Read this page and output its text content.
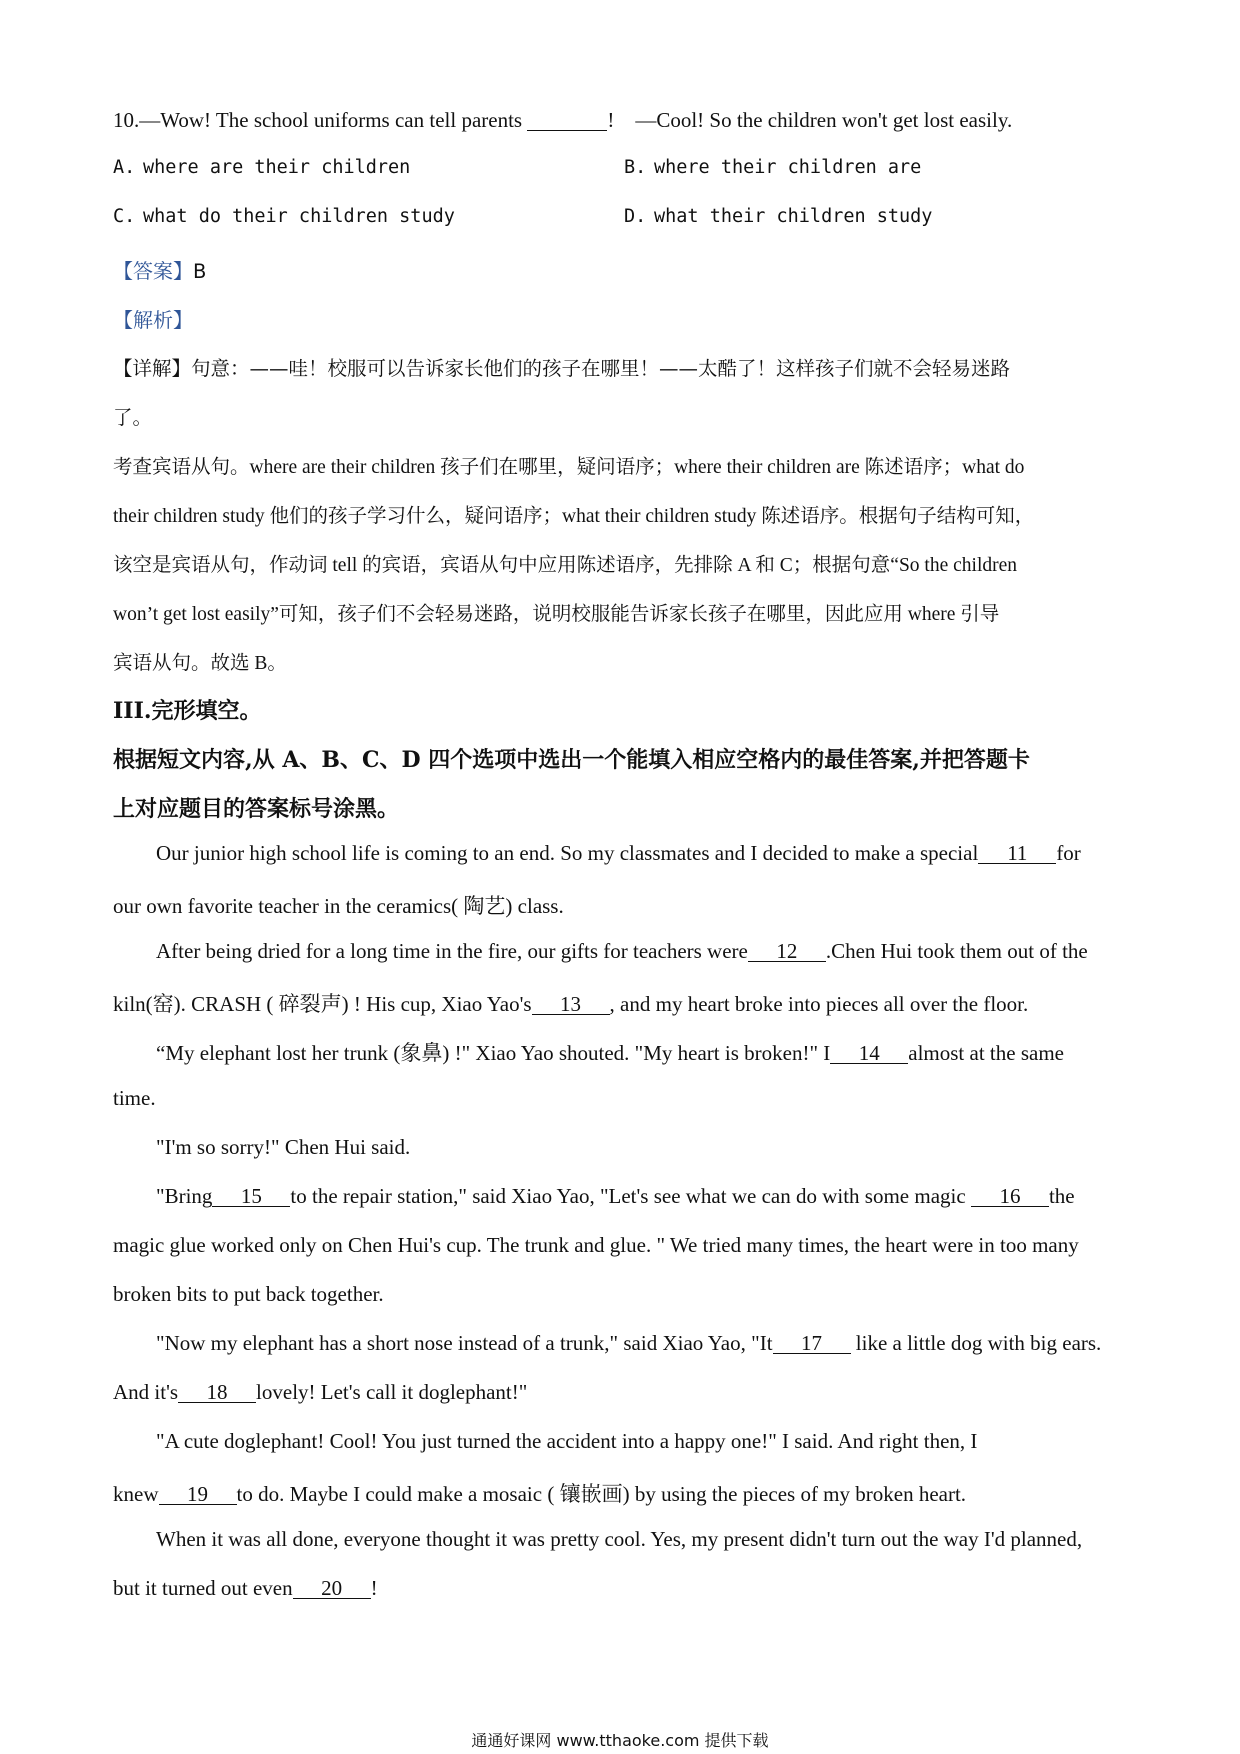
10.—Wow! The school uniforms can tell parents	! —Cool! So the children won't get lost easily.
A. where are their children	B. where their children are
C. what do their children study	D. what their children study
【答案】B
【解析】
【详解】句意：——哇！校服可以告诉家长他们的孩子在哪里！——太酷了！这样孩子们就不会轻易迷路
了。
考查宾语从句。where are their children 孩子们在哪里，疑问语序；where their children are 陈述语序；what do
their children study 他们的孩子学习什么，疑问语序；what their children study 陈述语序。根据句子结构可知，
该空是宾语从句，作动词 tell 的宾语，宾语从句中应用陈述语序，先排除 A 和 C；根据句意“So the children
won’t get lost easily”可知，孩子们不会轻易迷路，说明校服能告诉家长孩子在哪里，因此应用 where 引导
宾语从句。故选 B。
III.完形填空。
根据短文内容,从 A、B、C、D 四个选项中选出一个能填入相应空格内的最佳答案,并把答题卡
上对应题目的答案标号涂黑。
Our junior high school life is coming to an end. So my classmates and I decided to make a special 11 for
our own favorite teacher in the ceramics( 陶艺) class.
After being dried for a long time in the fire, our gifts for teachers were 12 .Chen Hui took them out of the
kiln(窑). CRASH ( 碎裂声) ! His cup, Xiao Yao's 13 , and my heart broke into pieces all over the floor.
“My elephant lost her trunk (象鼻) !" Xiao Yao shouted. "My heart is broken!" I 14 almost at the same
time.
"I'm so sorry!" Chen Hui said.
"Bring 15 to the repair station," said Xiao Yao, "Let's see what we can do with some magic 16 the
magic glue worked only on Chen Hui's cup. The trunk and glue. " We tried many times, the heart were in too many
broken bits to put back together.
"Now my elephant has a short nose instead of a trunk," said Xiao Yao, "It 17 like a little dog with big ears.
And it's 18 lovely! Let's call it doglephant!"
"A cute doglephant! Cool! You just turned the accident into a happy one!" I said. And right then, I
knew 19 to do. Maybe I could make a mosaic ( 镶嵌画) by using the pieces of my broken heart.
When it was all done, everyone thought it was pretty cool. Yes, my present didn't turn out the way I'd planned,
but it turned out even 20 !
通通好课网 www.tthaoke.com 提供下载
